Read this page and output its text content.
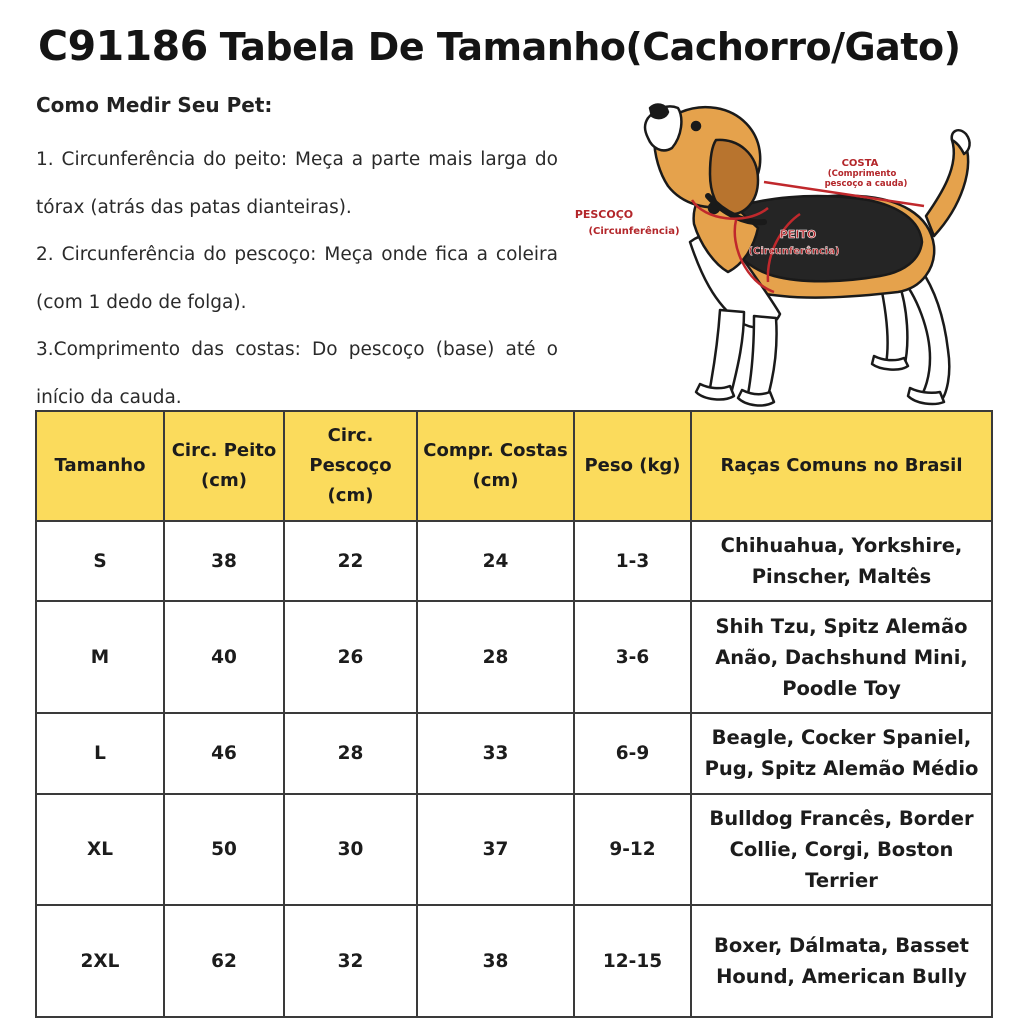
C91186 Tabela De Tamanho(Cachorro/Gato)
Como Medir Seu Pet:

1. Circunferência do peito: Meça a parte mais larga do tórax (atrás das patas dianteiras).

2. Circunferência do pescoço: Meça onde fica a coleira (com 1 dedo de folga).

3.Comprimento das costas: Do pescoço (base) até o início da cauda.

PESCOÇO
(Circunferência)
COSTA
(Comprimento
pescoço a cauda)
PEITO
(Circunferência)
Tamanho	Circ. Peito (cm)	Circ. Pescoço (cm)	Compr. Costas (cm)	Peso (kg)	Raças Comuns no Brasil
S	38	22	24	1-3	Chihuahua, Yorkshire, Pinscher, Maltês
M	40	26	28	3-6	Shih Tzu, Spitz Alemão Anão, Dachshund Mini, Poodle Toy
L	46	28	33	6-9	Beagle, Cocker Spaniel, Pug, Spitz Alemão Médio
XL	50	30	37	9-12	Bulldog Francês, Border Collie, Corgi, Boston Terrier
2XL	62	32	38	12-15	Boxer, Dálmata, Basset Hound, American Bully
